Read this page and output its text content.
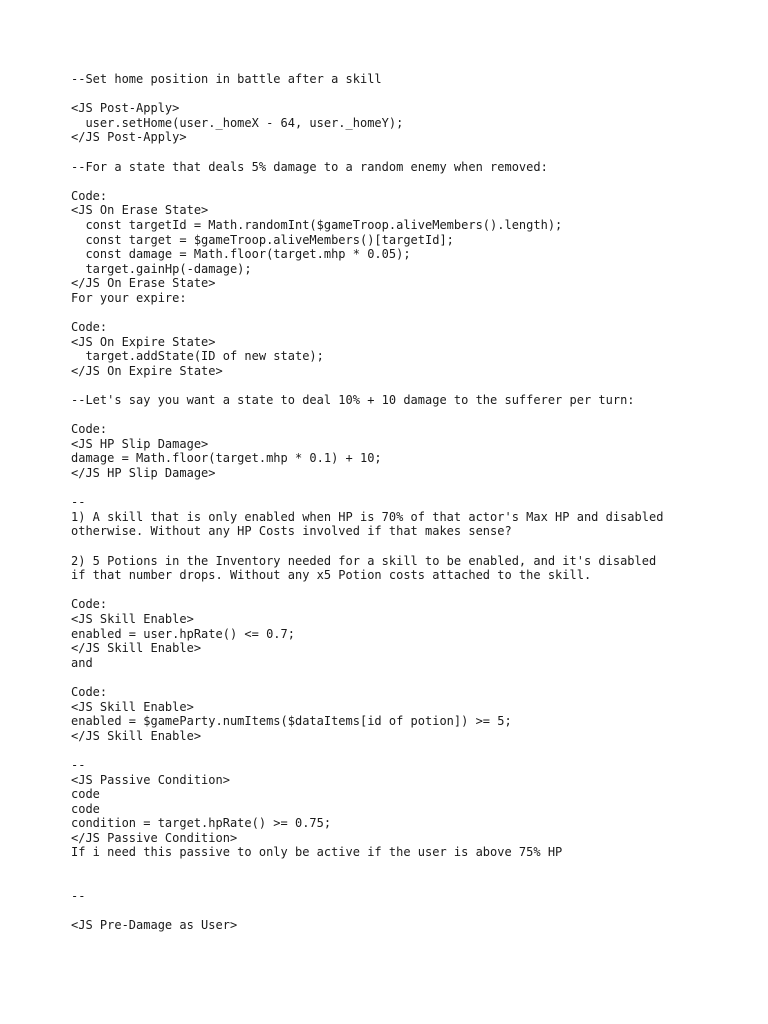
--Set home position in battle after a skill
<JS Post-Apply>
user.setHome(user._homeX - 64, user._homeY);
</JS Post-Apply>
--For a state that deals 5% damage to a random enemy when removed:
Code:
<JS On Erase State>
const targetId = Math.randomInt($gameTroop.aliveMembers().length);
const target = $gameTroop.aliveMembers()[targetId];
const damage = Math.floor(target.mhp * 0.05);
target.gainHp(-damage);
</JS On Erase State>
For your expire:
Code:
<JS On Expire State>
target.addState(ID of new state);
</JS On Expire State>
--Let's say you want a state to deal 10% + 10 damage to the sufferer per turn:
Code:
<JS HP Slip Damage>
damage = Math.floor(target.mhp * 0.1) + 10;
</JS HP Slip Damage>
--
1) A skill that is only enabled when HP is 70% of that actor's Max HP and disabled
otherwise. Without any HP Costs involved if that makes sense?
2) 5 Potions in the Inventory needed for a skill to be enabled, and it's disabled
if that number drops. Without any x5 Potion costs attached to the skill.
Code:
<JS Skill Enable>
enabled = user.hpRate() <= 0.7;
</JS Skill Enable>
and
Code:
<JS Skill Enable>
enabled = $gameParty.numItems($dataItems[id of potion]) >= 5;
</JS Skill Enable>
--
<JS Passive Condition>
code
code
condition = target.hpRate() >= 0.75;
</JS Passive Condition>
If i need this passive to only be active if the user is above 75% HP
--
<JS Pre-Damage as User>
